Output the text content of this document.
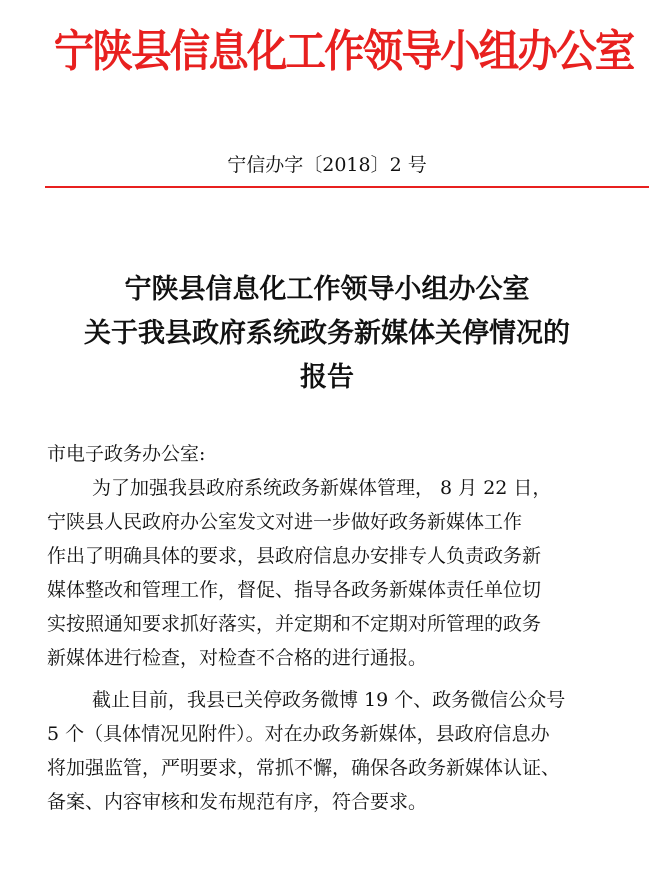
宁陕县信息化工作领导小组办公室
宁信办字〔2018〕2 号
宁陕县信息化工作领导小组办公室
关于我县政府系统政务新媒体关停情况的
报告
市电子政务办公室:
为了加强我县政府系统政务新媒体管理， 8 月 22 日，
宁陕县人民政府办公室发文对进一步做好政务新媒体工作
作出了明确具体的要求，县政府信息办安排专人负责政务新
媒体整改和管理工作，督促、指导各政务新媒体责任单位切
实按照通知要求抓好落实，并定期和不定期对所管理的政务
新媒体进行检查，对检查不合格的进行通报。
截止目前，我县已关停政务微博 19 个、政务微信公众号
5 个（具体情况见附件）。对在办政务新媒体，县政府信息办
将加强监管，严明要求，常抓不懈，确保各政务新媒体认证、
备案、内容审核和发布规范有序，符合要求。
